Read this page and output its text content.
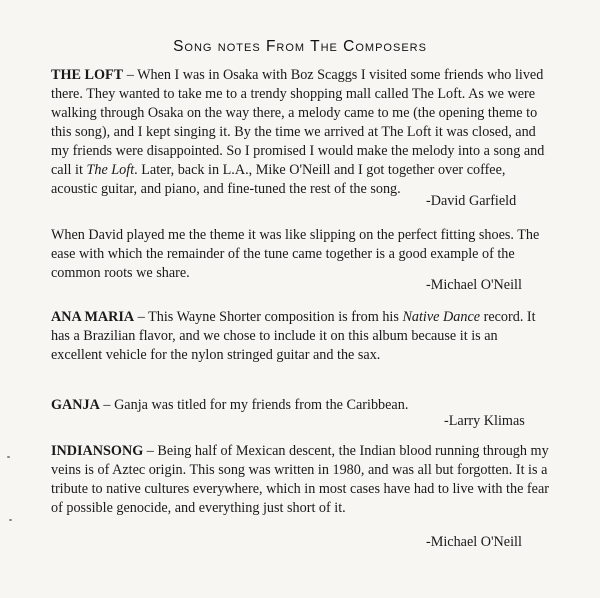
Song notes From The Composers
THE LOFT – When I was in Osaka with Boz Scaggs I visited some friends who lived there. They wanted to take me to a trendy shopping mall called The Loft. As we were walking through Osaka on the way there, a melody came to me (the opening theme to this song), and I kept singing it. By the time we arrived at The Loft it was closed, and my friends were disappointed. So I promised I would make the melody into a song and call it The Loft. Later, back in L.A., Mike O'Neill and I got together over coffee, acoustic guitar, and piano, and fine-tuned the rest of the song.
-David Garfield
When David played me the theme it was like slipping on the perfect fitting shoes. The ease with which the remainder of the tune came together is a good example of the common roots we share.
-Michael O'Neill
ANA MARIA – This Wayne Shorter composition is from his Native Dance record. It has a Brazilian flavor, and we chose to include it on this album because it is an excellent vehicle for the nylon stringed guitar and the sax.
GANJA – Ganja was titled for my friends from the Caribbean.
-Larry Klimas
INDIANSONG – Being half of Mexican descent, the Indian blood running through my veins is of Aztec origin. This song was written in 1980, and was all but forgotten. It is a tribute to native cultures everywhere, which in most cases have had to live with the fear of possible genocide, and everything just short of it.
-Michael O'Neill
